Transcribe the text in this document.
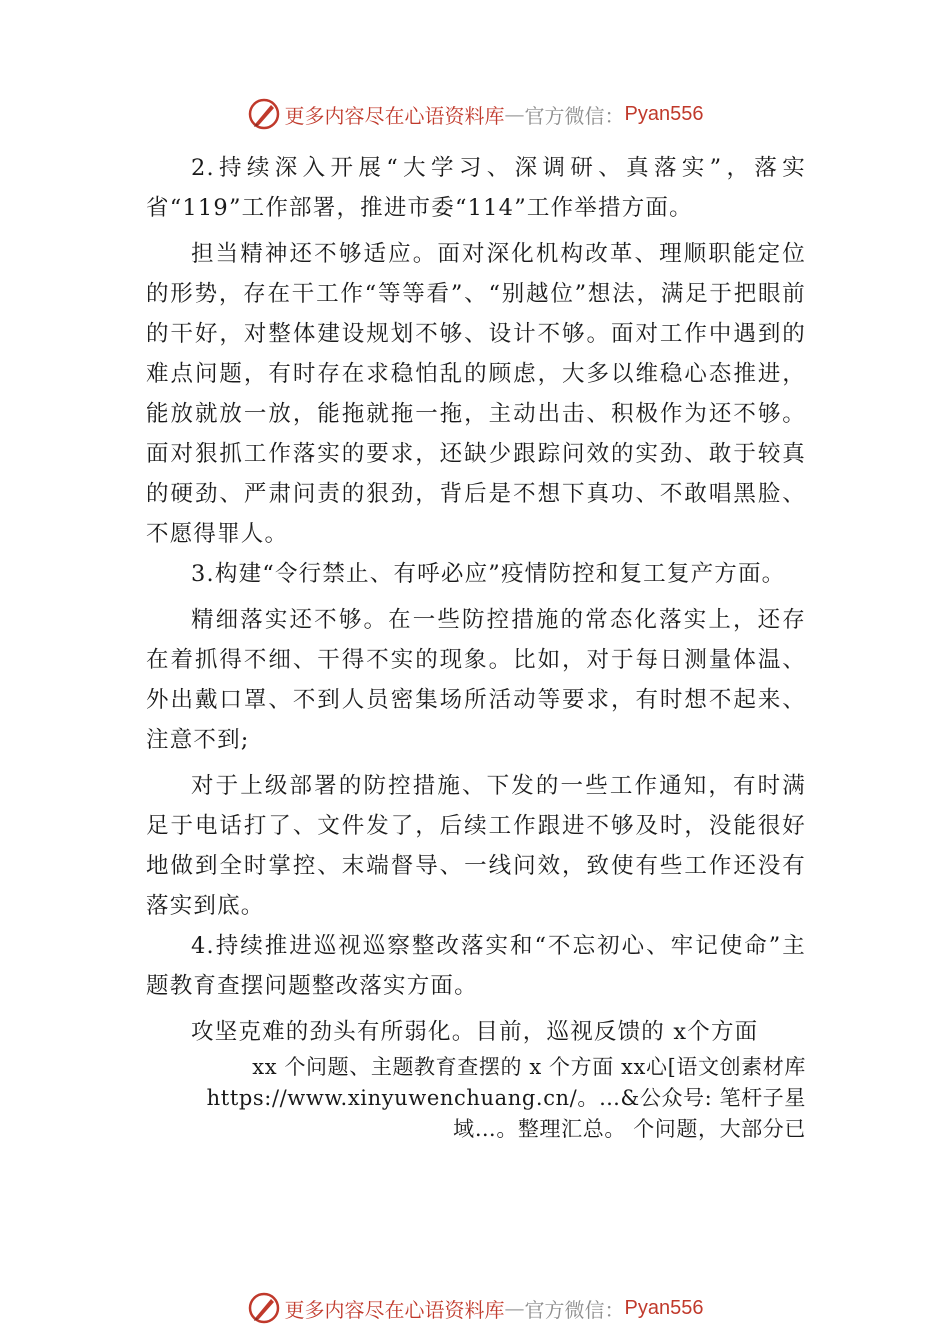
更多内容尽在心语资料库 — 官方微信： Pyan556

2.持续深入开展“大学习、深调研、真落实”，落实省“119”工作部署，推进市委“114”工作举措方面。

担当精神还不够适应。面对深化机构改革、理顺职能定位的形势，存在干工作“等等看”、“别越位”想法，满足于把眼前的干好，对整体建设规划不够、设计不够。面对工作中遇到的难点问题，有时存在求稳怕乱的顾虑，大多以维稳心态推进，能放就放一放，能拖就拖一拖，主动出击、积极作为还不够。面对狠抓工作落实的要求，还缺少跟踪问效的实劲、敢于较真的硬劲、严肃问责的狠劲，背后是不想下真功、不敢唱黑脸、不愿得罪人。

3.构建“令行禁止、有呼必应”疫情防控和复工复产方面。

精细落实还不够。在一些防控措施的常态化落实上，还存在着抓得不细、干得不实的现象。比如，对于每日测量体温、外出戴口罩、不到人员密集场所活动等要求，有时想不起来、注意不到;

对于上级部署的防控措施、下发的一些工作通知，有时满足于电话打了、文件发了，后续工作跟进不够及时，没能很好地做到全时掌控、末端督导、一线问效，致使有些工作还没有落实到底。

4.持续推进巡视巡察整改落实和“不忘初心、牢记使命”主题教育查摆问题整改落实方面。

攻坚克难的劲头有所弱化。目前，巡视反馈的 x个方面

xx 个问题、主题教育查摆的 x 个方面 xx心[语文创素材库

https://www.xinyuwenchuang.cn/。…&公众号: 笔杆子星

域…。整理汇总。 个问题，大部分已

更多内容尽在心语资料库 — 官方微信： Pyan556
